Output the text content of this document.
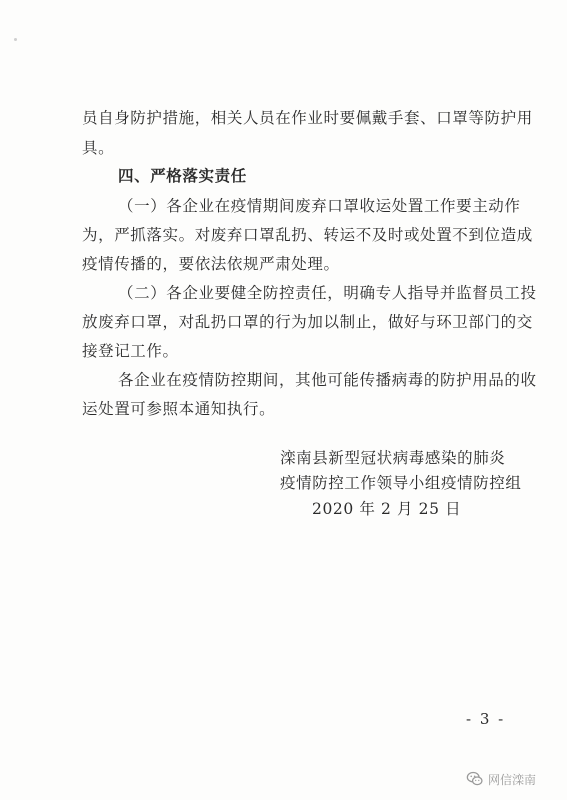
员自身防护措施，相关人员在作业时要佩戴手套、口罩等防护用
具。
四、严格落实责任
（一）各企业在疫情期间废弃口罩收运处置工作要主动作
为，严抓落实。对废弃口罩乱扔、转运不及时或处置不到位造成
疫情传播的，要依法依规严肃处理。
（二）各企业要健全防控责任，明确专人指导并监督员工投
放废弃口罩，对乱扔口罩的行为加以制止，做好与环卫部门的交
接登记工作。
各企业在疫情防控期间，其他可能传播病毒的防护用品的收
运处置可参照本通知执行。
滦南县新型冠状病毒感染的肺炎
疫情防控工作领导小组疫情防控组
2020 年 2 月 25 日
- 3 -
网信滦南
